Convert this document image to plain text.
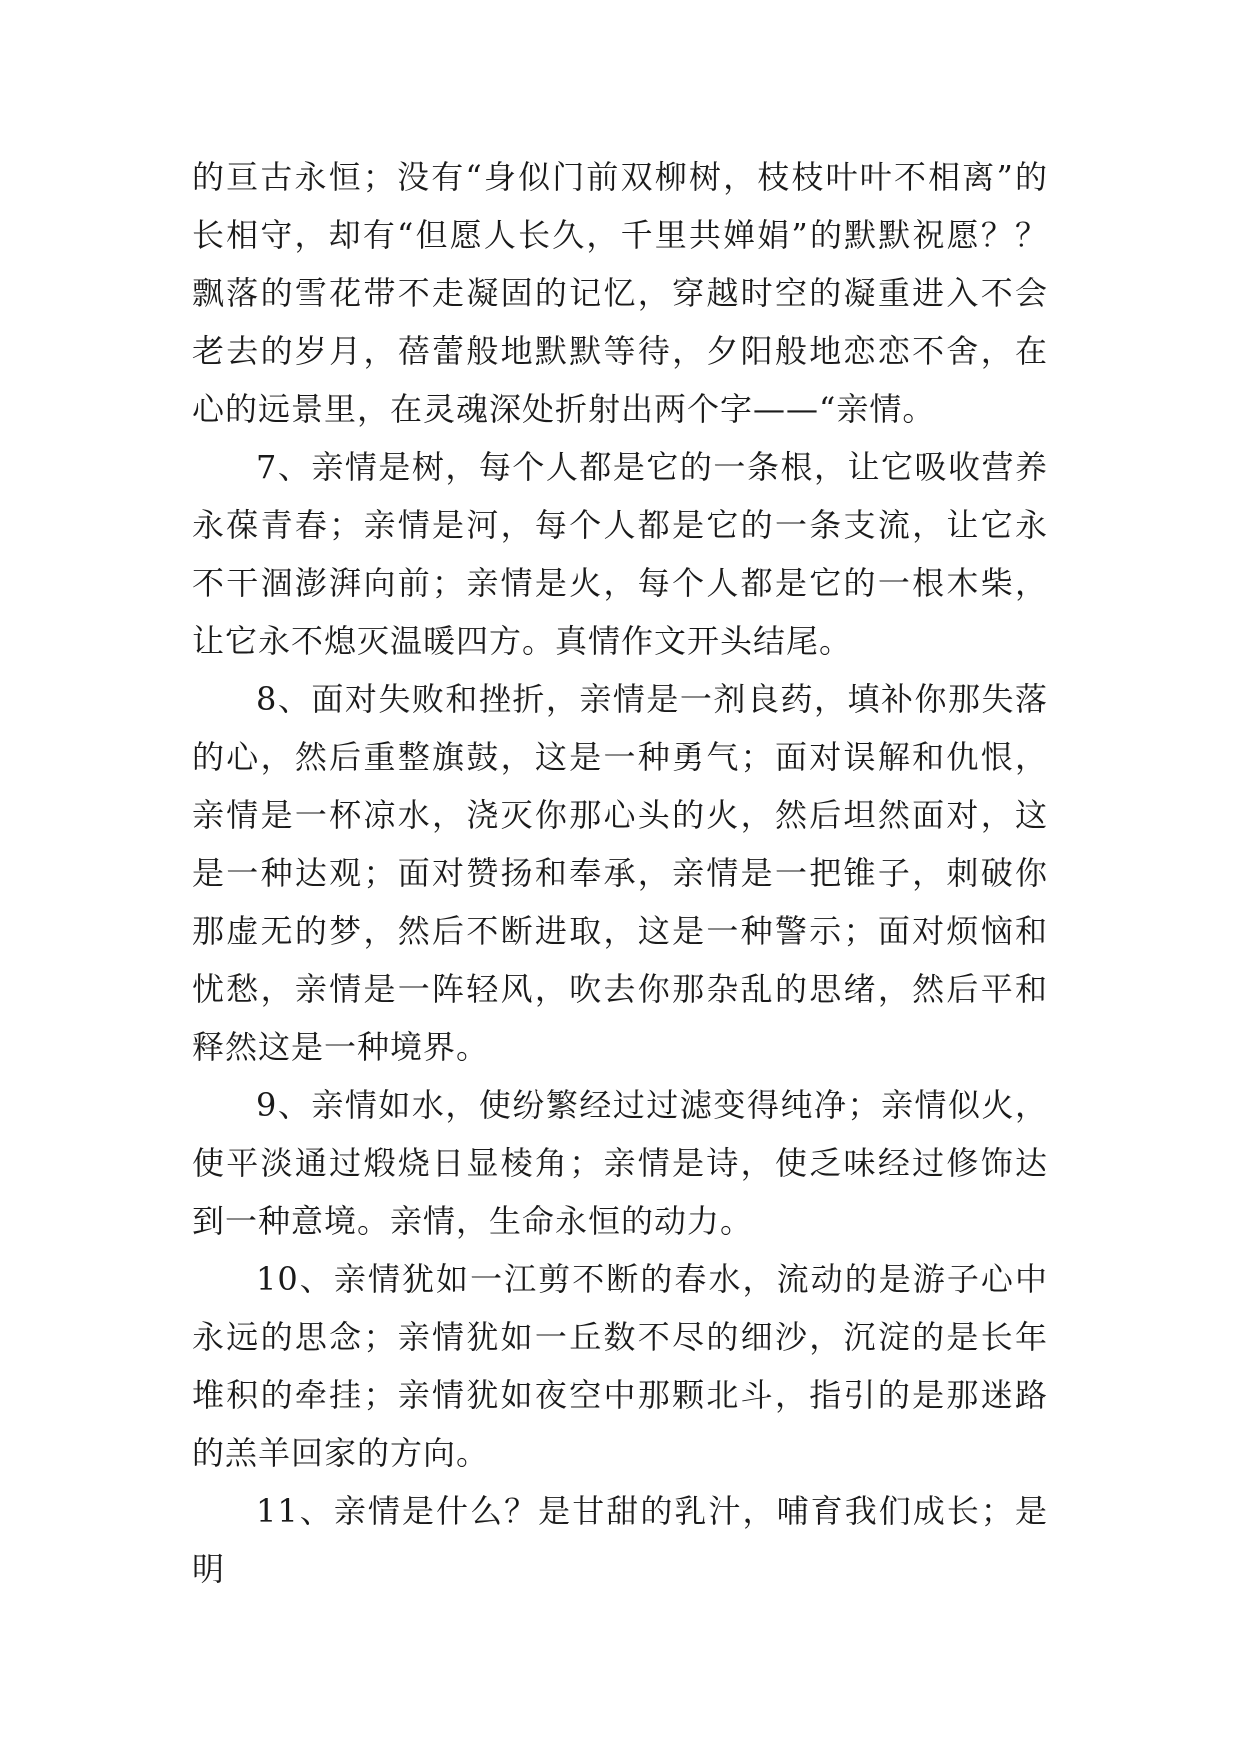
的亘古永恒；没有“身似门前双柳树，枝枝叶叶不相离”的长相守，却有“但愿人长久，千里共婵娟”的默默祝愿？？飘落的雪花带不走凝固的记忆，穿越时空的凝重进入不会老去的岁月，蓓蕾般地默默等待，夕阳般地恋恋不舍，在心的远景里，在灵魂深处折射出两个字——“亲情。

7、亲情是树，每个人都是它的一条根，让它吸收营养永葆青春；亲情是河，每个人都是它的一条支流，让它永不干涸澎湃向前；亲情是火，每个人都是它的一根木柴，让它永不熄灭温暖四方。真情作文开头结尾。

8、面对失败和挫折，亲情是一剂良药，填补你那失落的心，然后重整旗鼓，这是一种勇气；面对误解和仇恨，亲情是一杯凉水，浇灭你那心头的火，然后坦然面对，这是一种达观；面对赞扬和奉承，亲情是一把锥子，刺破你那虚无的梦，然后不断进取，这是一种警示；面对烦恼和忧愁，亲情是一阵轻风，吹去你那杂乱的思绪，然后平和释然这是一种境界。

9、亲情如水，使纷繁经过过滤变得纯净；亲情似火，使平淡通过煅烧日显棱角；亲情是诗，使乏味经过修饰达到一种意境。亲情，生命永恒的动力。

10、亲情犹如一江剪不断的春水，流动的是游子心中永远的思念；亲情犹如一丘数不尽的细沙，沉淀的是长年堆积的牵挂；亲情犹如夜空中那颗北斗，指引的是那迷路的羔羊回家的方向。

11、亲情是什么？是甘甜的乳汁，哺育我们成长；是明
